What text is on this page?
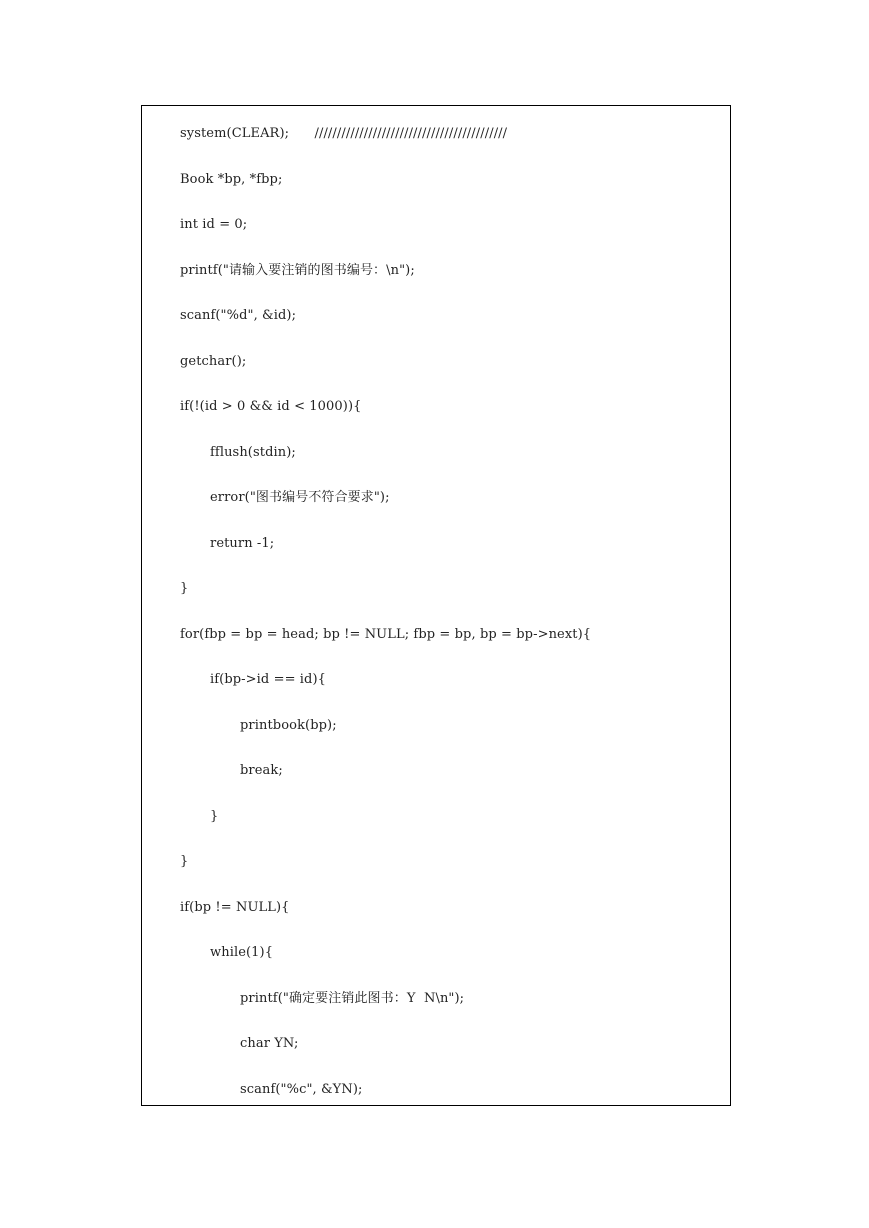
system(CLEAR);      ///////////////////////////////////////////
Book *bp, *fbp;
int id = 0;
printf("请输入要注销的图书编号：\n");
scanf("%d", &id);
getchar();
if(!(id > 0 && id < 1000)){
fflush(stdin);
error("图书编号不符合要求");
return -1;
}
for(fbp = bp = head; bp != NULL; fbp = bp, bp = bp->next){
if(bp->id == id){
printbook(bp);
break;
}
}
if(bp != NULL){
while(1){
printf("确定要注销此图书：Y  N\n");
char YN;
scanf("%c", &YN);
